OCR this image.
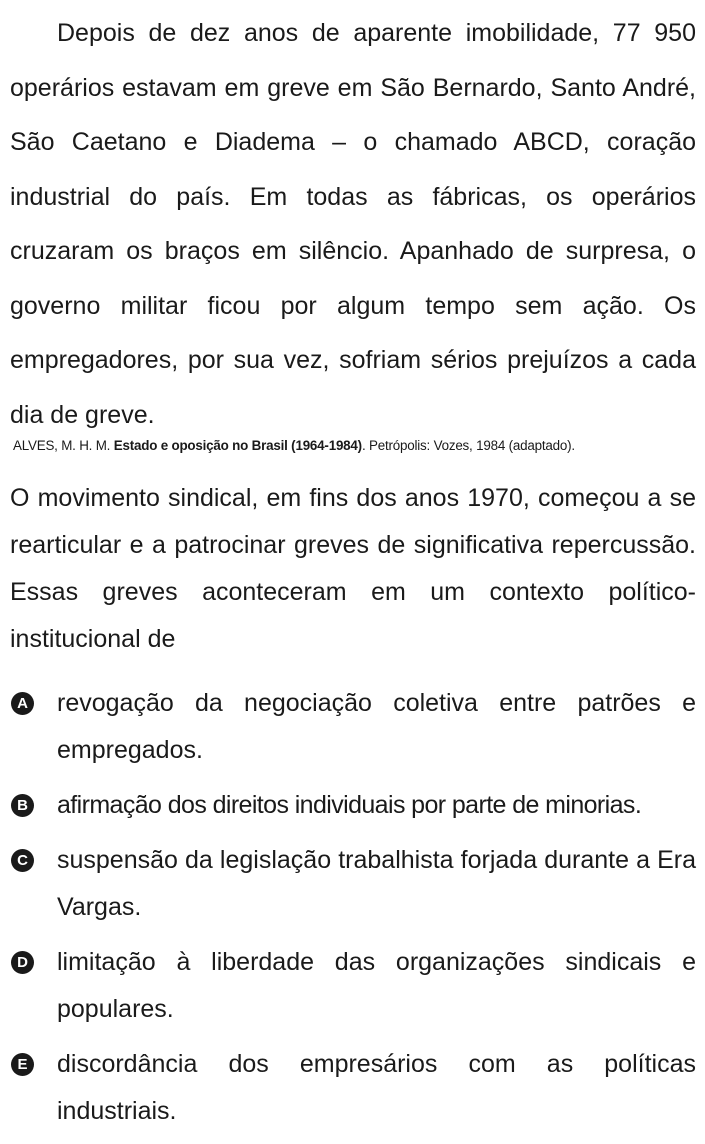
Depois de dez anos de aparente imobilidade, 77 950 operários estavam em greve em São Bernardo, Santo André, São Caetano e Diadema – o chamado ABCD, coração industrial do país. Em todas as fábricas, os operários cruzaram os braços em silêncio. Apanhado de surpresa, o governo militar ficou por algum tempo sem ação. Os empregadores, por sua vez, sofriam sérios prejuízos a cada dia de greve.

ALVES, M. H. M. Estado e oposição no Brasil (1964-1984). Petrópolis: Vozes, 1984 (adaptado).

O movimento sindical, em fins dos anos 1970, começou a se rearticular e a patrocinar greves de significativa repercussão. Essas greves aconteceram em um contexto político-institucional de

A revogação da negociação coletiva entre patrões e empregados.
B afirmação dos direitos individuais por parte de minorias.
C suspensão da legislação trabalhista forjada durante a Era Vargas.
D limitação à liberdade das organizações sindicais e populares.
E discordância dos empresários com as políticas industriais.
